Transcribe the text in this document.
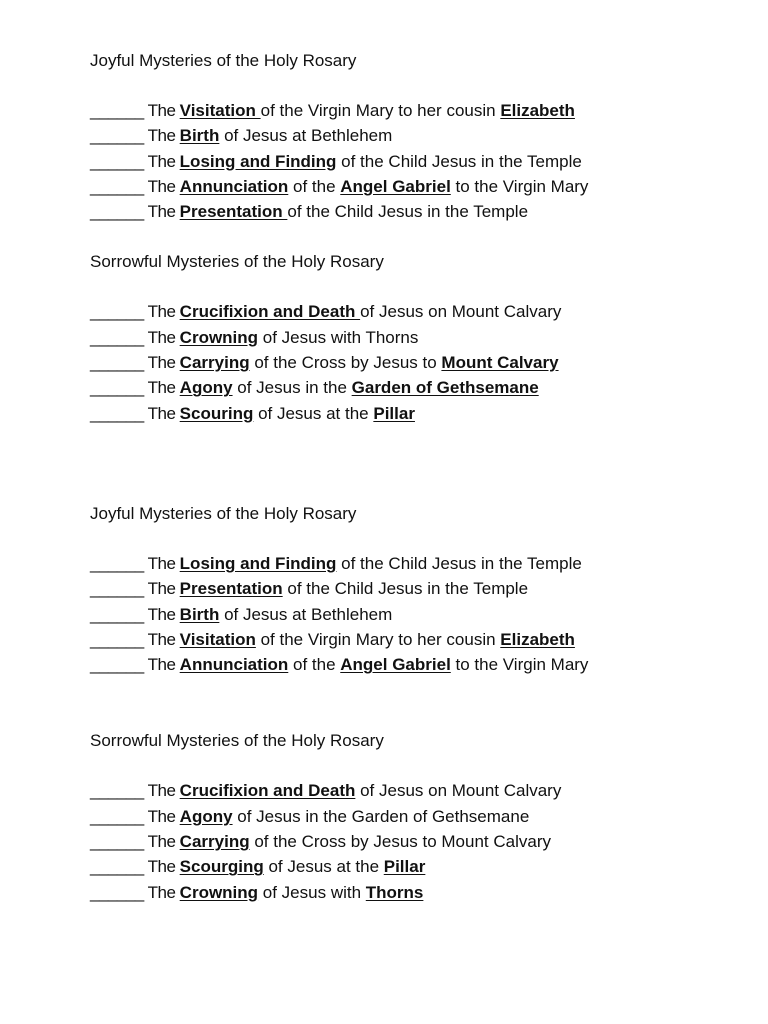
Joyful Mysteries of the Holy Rosary
______ The Visitation of the Virgin Mary to her cousin Elizabeth
______ The Birth of Jesus at Bethlehem
______ The Losing and Finding of the Child Jesus in the Temple
______ The Annunciation of the Angel Gabriel to the Virgin Mary
______ The Presentation of the Child Jesus in the Temple
Sorrowful Mysteries of the Holy Rosary
______ The Crucifixion and Death of Jesus on Mount Calvary
______ The Crowning of Jesus with Thorns
______ The Carrying of the Cross by Jesus to Mount Calvary
______ The Agony of Jesus in the Garden of Gethsemane
______ The Scouring of Jesus at the Pillar
Joyful Mysteries of the Holy Rosary
______ The Losing and Finding of the Child Jesus in the Temple
______ The Presentation of the Child Jesus in the Temple
______ The Birth of Jesus at Bethlehem
______ The Visitation of the Virgin Mary to her cousin Elizabeth
______ The Annunciation of the Angel Gabriel to the Virgin Mary
Sorrowful Mysteries of the Holy Rosary
______ The Crucifixion and Death of Jesus on Mount Calvary
______ The Agony of Jesus in the Garden of Gethsemane
______ The Carrying of the Cross by Jesus to Mount Calvary
______ The Scourging of Jesus at the Pillar
______ The Crowning of Jesus with Thorns
